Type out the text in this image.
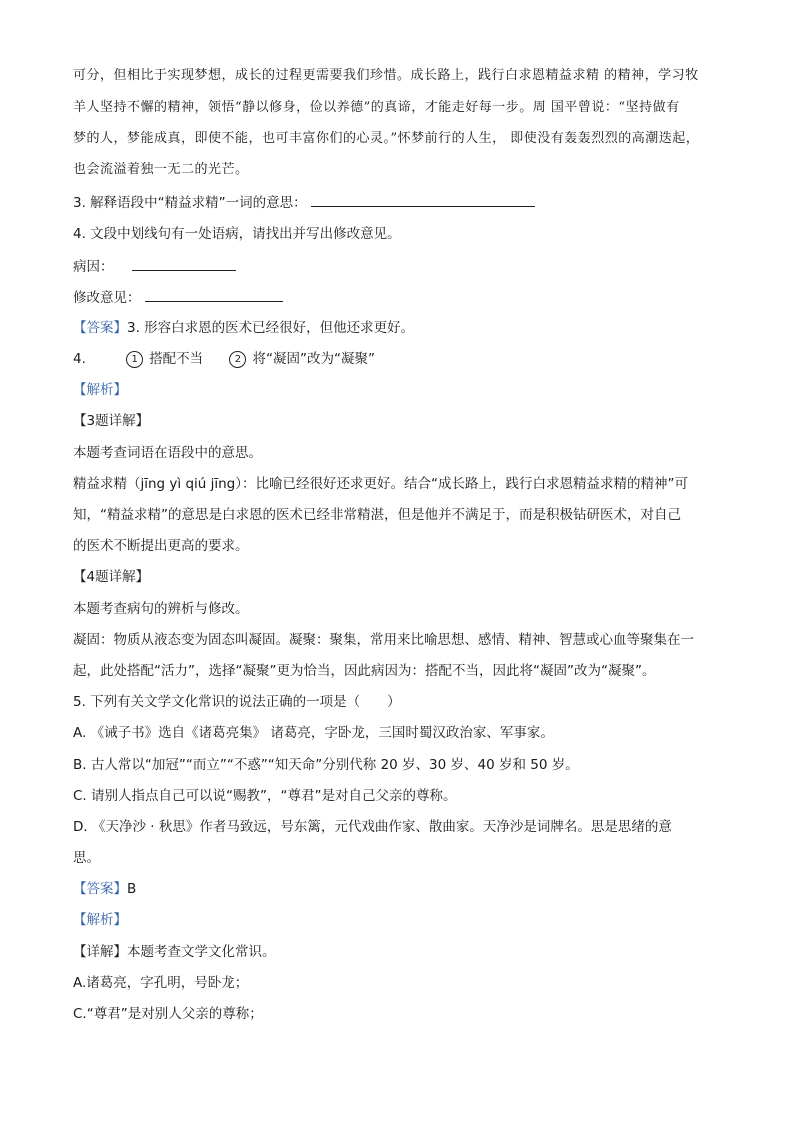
可分，但相比于实现梦想，成长的过程更需要我们珍惜。成长路上，践行白求恩精益求精 的精神，学习牧
羊人坚持不懈的精神，领悟“静以修身，俭以养德”的真谛，才能走好每一步。周 国平曾说：“坚持做有
梦的人，梦能成真，即使不能，也可丰富你们的心灵。”怀梦前行的人生， 即使没有轰轰烈烈的高潮迭起，
也会流溢着独一无二的光芒。
3. 解释语段中“精益求精”一词的意思：
4. 文段中划线句有一处语病，请找出并写出修改意见。
病因：
修改意见：
【答案】3. 形容白求恩的医术已经很好，但他还求更好。
4.	1 搭配不当	2 将“凝固”改为“凝聚”
【解析】
【3题详解】
本题考查词语在语段中的意思。
精益求精（jīng yì qiú jīng）：比喻已经很好还求更好。结合“成长路上，践行白求恩精益求精的精神”可
知，“精益求精”的意思是白求恩的医术已经非常精湛，但是他并不满足于，而是积极钻研医术，对自己
的医术不断提出更高的要求。
【4题详解】
本题考查病句的辨析与修改。
凝固：物质从液态变为固态叫凝固。凝聚：聚集，常用来比喻思想、感情、精神、智慧或心血等聚集在一
起，此处搭配“活力”，选择“凝聚”更为恰当，因此病因为：搭配不当，因此将“凝固”改为“凝聚”。
5. 下列有关文学文化常识的说法正确的一项是（　　）
A. 《诫子书》选自《诸葛亮集》 诸葛亮，字卧龙，三国时蜀汉政治家、军事家。
B. 古人常以“加冠”“而立”“不惑”“知天命”分别代称 20 岁、30 岁、40 岁和 50 岁。
C. 请别人指点自己可以说“赐教”，“尊君”是对自己父亲的尊称。
D. 《天净沙 · 秋思》作者马致远，号东篱，元代戏曲作家、散曲家。天净沙是词牌名。思是思绪的意
思。
【答案】B
【解析】
【详解】本题考查文学文化常识。
A.诸葛亮，字孔明，号卧龙；
C.“尊君”是对别人父亲的尊称；
